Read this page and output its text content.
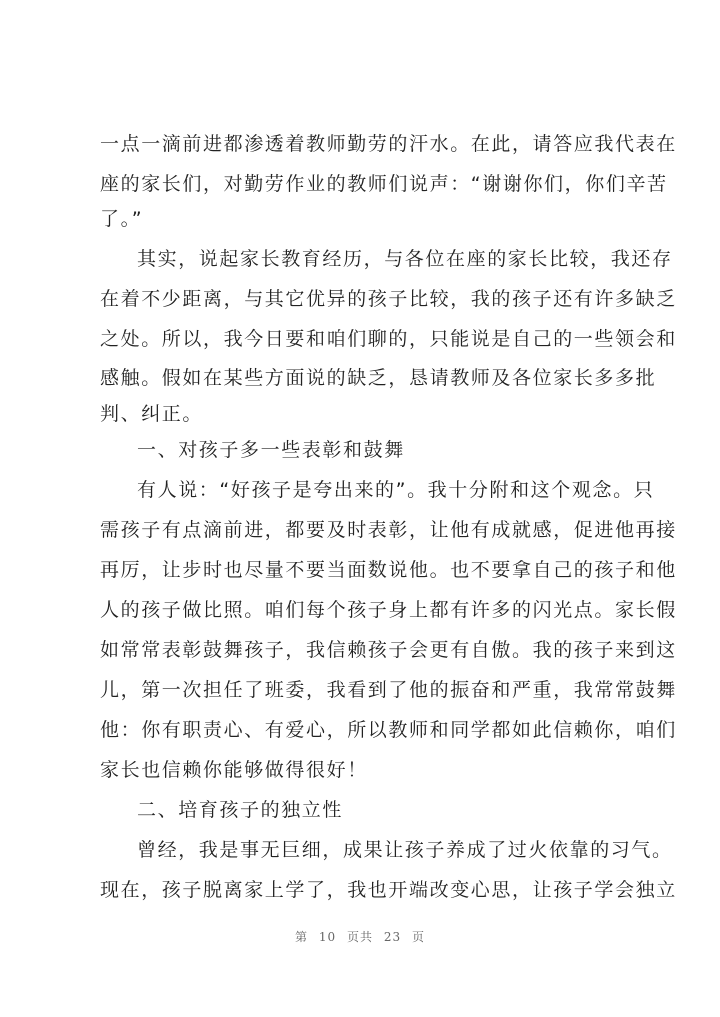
一点一滴前进都渗透着教师勤劳的汗水。在此，请答应我代表在
座的家长们，对勤劳作业的教师们说声：“谢谢你们，你们辛苦
了。”
其实，说起家长教育经历，与各位在座的家长比较，我还存
在着不少距离，与其它优异的孩子比较，我的孩子还有许多缺乏
之处。所以，我今日要和咱们聊的，只能说是自己的一些领会和
感触。假如在某些方面说的缺乏，恳请教师及各位家长多多批
判、纠正。
一、对孩子多一些表彰和鼓舞
有人说：“好孩子是夸出来的”。我十分附和这个观念。只
需孩子有点滴前进，都要及时表彰，让他有成就感，促进他再接
再厉，让步时也尽量不要当面数说他。也不要拿自己的孩子和他
人的孩子做比照。咱们每个孩子身上都有许多的闪光点。家长假
如常常表彰鼓舞孩子，我信赖孩子会更有自傲。我的孩子来到这
儿，第一次担任了班委，我看到了他的振奋和严重，我常常鼓舞
他：你有职责心、有爱心，所以教师和同学都如此信赖你，咱们
家长也信赖你能够做得很好！
二、培育孩子的独立性
曾经，我是事无巨细，成果让孩子养成了过火依靠的习气。
现在，孩子脱离家上学了，我也开端改变心思，让孩子学会独立
第 10 页共 23 页
